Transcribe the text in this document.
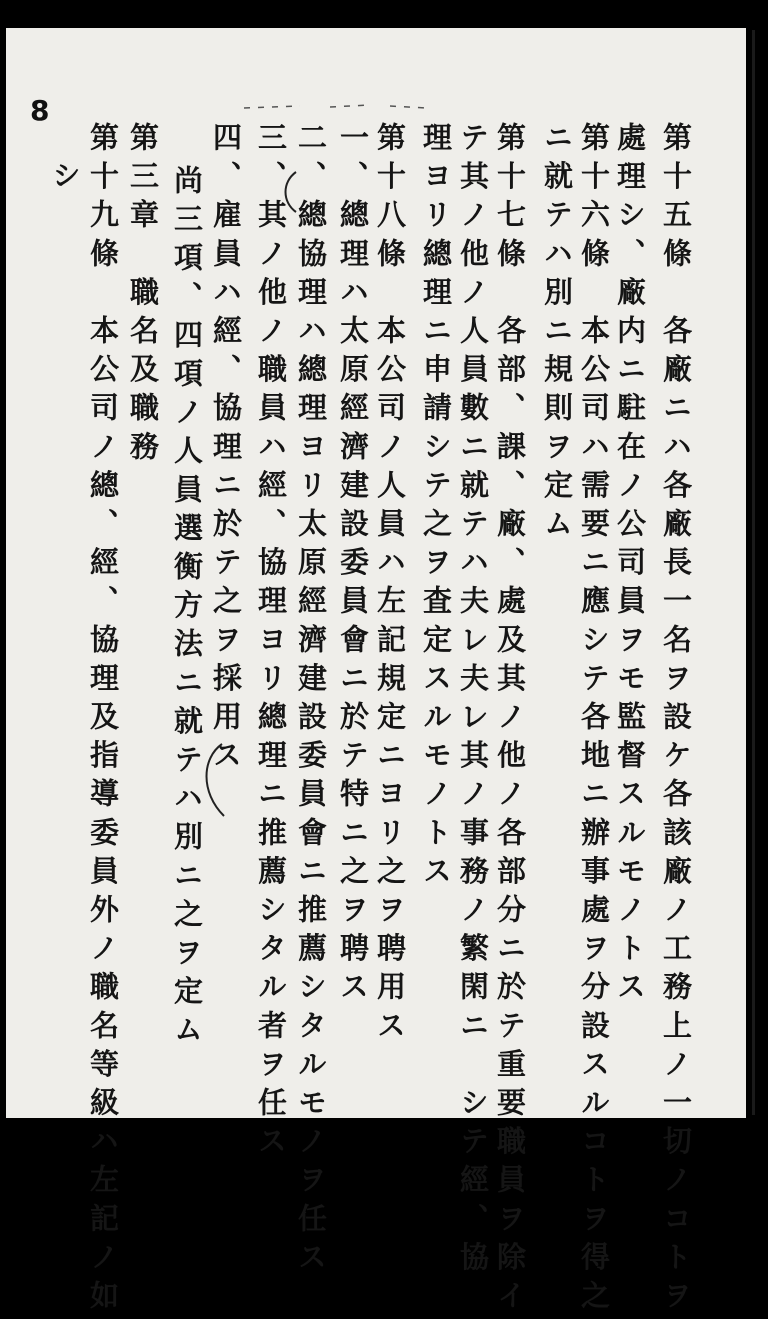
8
第十五條　各廠ニハ各廠長一名ヲ設ケ各該廠ノ工務上ノ一切ノコトヲ
處理シ、廠内ニ駐在ノ公司員ヲモ監督スルモノトス
第十六條　本公司ハ需要ニ應シテ各地ニ辦事處ヲ分設スルコトヲ得之
ニ就テハ別ニ規則ヲ定ム
第十七條　各部、課、廠、處及其ノ他ノ各部分ニ於テ重要職員ヲ除イ
テ其ノ他ノ人員數ニ就テハ夫レ夫レ其ノ事務ノ繁閑ニ　シテ經、協
理ヨリ總理ニ申請シテ之ヲ査定スルモノトス
第十八條　本公司ノ人員ハ左記規定ニヨリ之ヲ聘用ス
一、總理ハ太原經濟建設委員會ニ於テ特ニ之ヲ聘ス
二、總協理ハ總理ヨリ太原經濟建設委員會ニ推薦シタルモノヲ任ス
三、其ノ他ノ職員ハ經、協理ヨリ總理ニ推薦シタル者ヲ任ス
四、雇員ハ經、協理ニ於テ之ヲ採用ス
尚三項、四項ノ人員選衡方法ニ就テハ別ニ之ヲ定ム
第三章　職名及職務
第十九條　本公司ノ總、經、協理及指導委員外ノ職名等級ハ左記ノ如
シ
